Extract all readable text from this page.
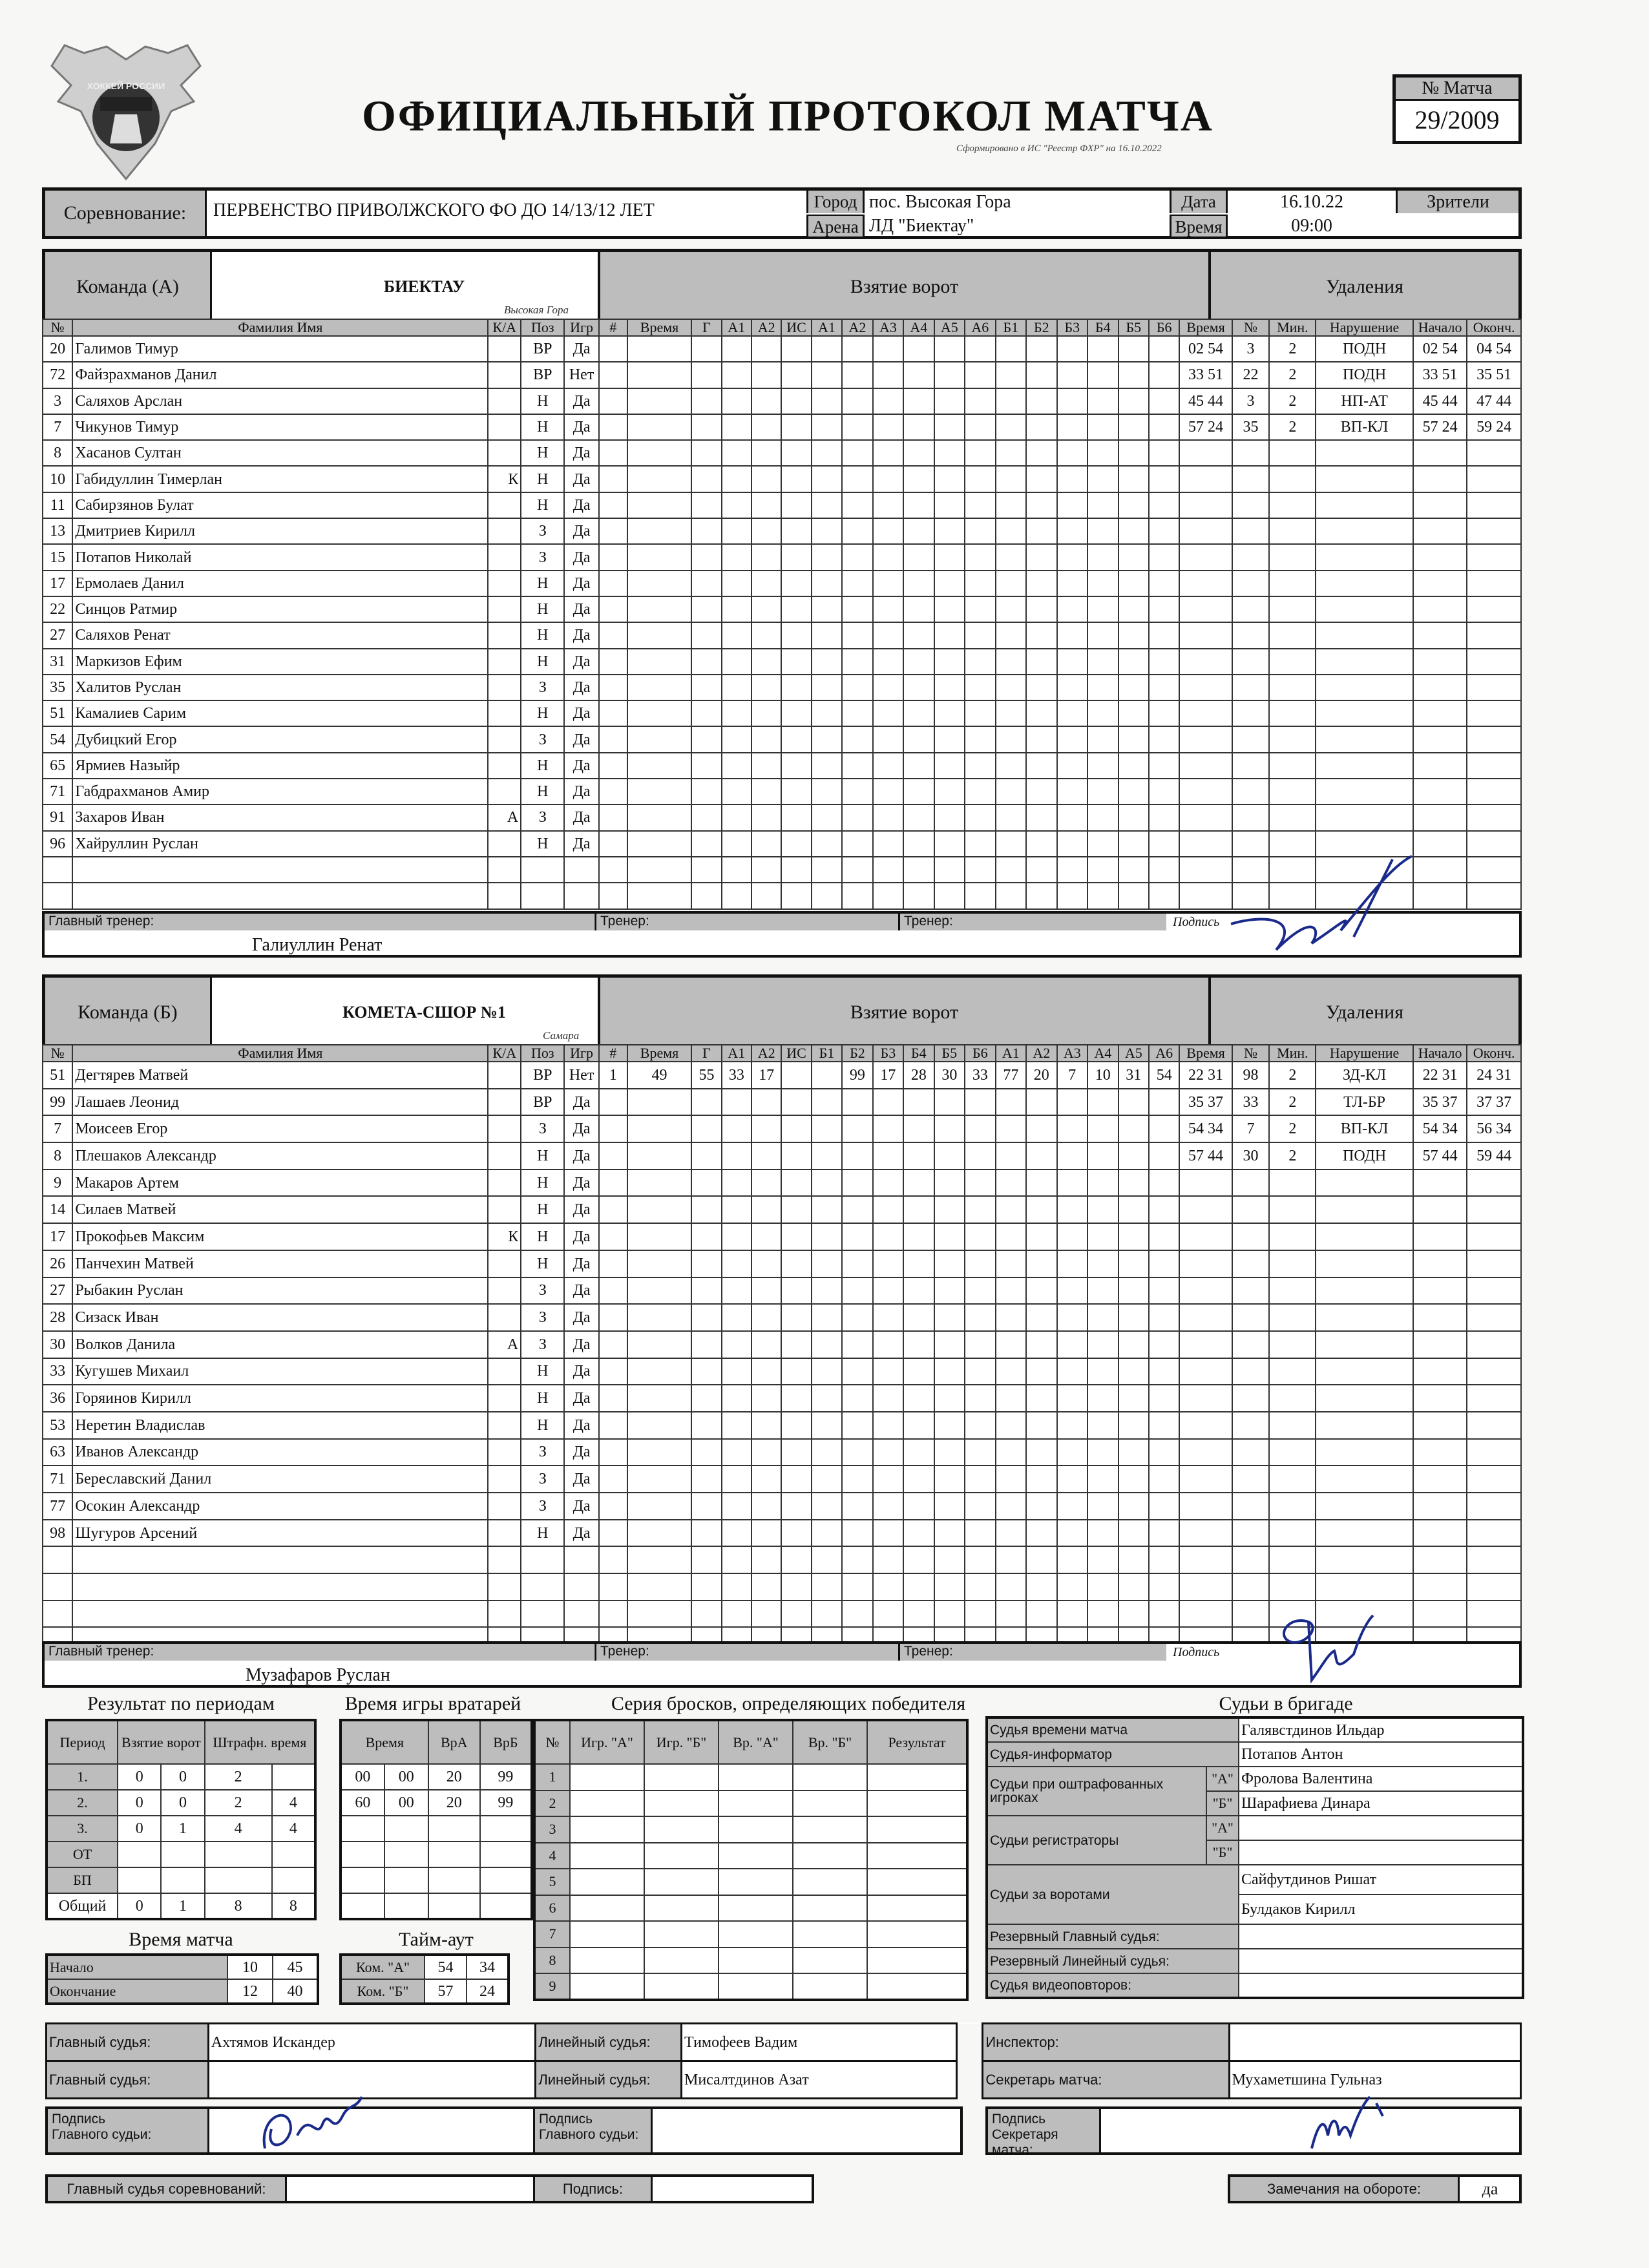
ХОККЕЙ РОССИИ
ОФИЦИАЛЬНЫЙ ПРОТОКОЛ МАТЧА
Сформировано в ИС "Реестр ФХР" на 16.10.2022
№ Матча
29/2009
Соревнование:	ПЕРВЕНСТВО ПРИВОЛЖСКОГО ФО ДО 14/13/12 ЛЕТ	Город пос. Высокая Гора
Арена ЛД "Биектау"
Дата	16.10.22
Время	09:00
Зрители
Команда (А)	БИЕКТАУ	Взятие ворот	Удаления
Высокая Гора
№	Фамилия Имя	К/А	Поз	Игр	#	Время	Г	А1	А2	ИС	А1	А2	А3	А4	А5	А6	Б1	Б2	Б3	Б4	Б5	Б6	Время	№	Мин.	Нарушение	Начало	Оконч.
20	Галимов Тимур		ВР	Да																			02 54	3	2	ПОДН	02 54	04 54
72	Файзрахманов Данил		ВР	Нет																			33 51	22	2	ПОДН	33 51	35 51
3	Саляхов Арслан		Н	Да																			45 44	3	2	НП-АТ	45 44	47 44
7	Чикунов Тимур		Н	Да																			57 24	35	2	ВП-КЛ	57 24	59 24
8	Хасанов Султан		Н	Да																								
10	Габидуллин Тимерлан	К	Н	Да																								
11	Сабирзянов Булат		Н	Да																								
13	Дмитриев Кирилл		З	Да																								
15	Потапов Николай		З	Да																								
17	Ермолаев Данил		Н	Да																								
22	Синцов Ратмир		Н	Да																								
27	Саляхов Ренат		Н	Да																								
31	Маркизов Ефим		Н	Да																								
35	Халитов Руслан		З	Да																								
51	Камалиев Сарим		Н	Да																								
54	Дубицкий Егор		З	Да																								
65	Ярмиев Назыйр		Н	Да																								
71	Габдрахманов Амир		Н	Да																								
91	Захаров Иван	А	З	Да																								
96	Хайруллин Руслан		Н	Да																								

Главный тренер:
Галиуллин Ренат
Тренер:	Тренер:	Подпись
Команда (Б)	КОМЕТА-СШОР №1	Взятие ворот	Удаления
Самара
№	Фамилия Имя	К/А	Поз	Игр	#	Время	Г	А1	А2	ИС	Б1	Б2	Б3	Б4	Б5	Б6	А1	А2	А3	А4	А5	А6	Время	№	Мин.	Нарушение	Начало	Оконч.
51	Дегтярев Матвей		ВР	Нет	1	49	55	33	17			99	17	28	30	33	77	20	7	10	31	54	22 31	98	2	ЗД-КЛ	22 31	24 31
99	Лашаев Леонид		ВР	Да																			35 37	33	2	ТЛ-БР	35 37	37 37
7	Моисеев Егор		З	Да																			54 34	7	2	ВП-КЛ	54 34	56 34
8	Плешаков Александр		Н	Да																			57 44	30	2	ПОДН	57 44	59 44
9	Макаров Артем		Н	Да																								
14	Силаев Матвей		Н	Да																								
17	Прокофьев Максим	К	Н	Да																								
26	Панчехин Матвей		Н	Да																								
27	Рыбакин Руслан		З	Да																								
28	Сизаск Иван		З	Да																								
30	Волков Данила	А	З	Да																								
33	Кугушев Михаил		Н	Да																								
36	Горяинов Кирилл		Н	Да																								
53	Неретин Владислав		Н	Да																								
63	Иванов Александр		З	Да																								
71	Береславский Данил		З	Да																								
77	Осокин Александр		З	Да																								
98	Шугуров Арсений		Н	Да																								

Главный тренер:
Музафаров Руслан
Тренер:	Тренер:	Подпись
Результат по периодам
Период	Взятие ворот		Штрафн. время	
1.	0	0	2	
2.	0	0	2	4
3.	0	1	4	4
ОТ				
БП				
Общий	0	1	8	8
Время игры вратарей
Время		ВрА	ВрБ
00	00	20	99
60	00	20	99

Время матча
Начало	10	45
Окончание	12	40
Тайм-аут
Ком. "А"	54	34
Ком. "Б"	57	24
Серия бросков, определяющих победителя
№	Игр. "А"	Игр. "Б"	Вр. "А"	Вр. "Б"	Результат
1					
2					
3					
4					
5					
6					
7					
8					
9					
Судьи в бригаде
Судья времени матча		Галявстдинов Ильдар
Судья-информатор		Потапов Антон
Судьи при оштрафованных игроках	"А"	Фролова Валентина
	"Б"	Шарафиева Динара
Судьи регистраторы	"А"	
	"Б"	
Судьи за воротами		Сайфутдинов Ришат
		Булдаков Кирилл
Резервный Главный судья:		
Резервный Линейный судья:		
Судья видеоповторов:		
Главный судья:	Ахтямов Искандер	Линейный судья:	Тимофеев Вадим		Инспектор:	
Главный судья:		Линейный судья:	Мисалтдинов Азат		Секретарь матча:	Мухаметшина Гульназ
Подпись
Главного судьи:
Подпись
Главного судьи:
Подпись
Секретаря матча:
Главный судья соревнований:	Подпись:	Замечания на обороте:	да
